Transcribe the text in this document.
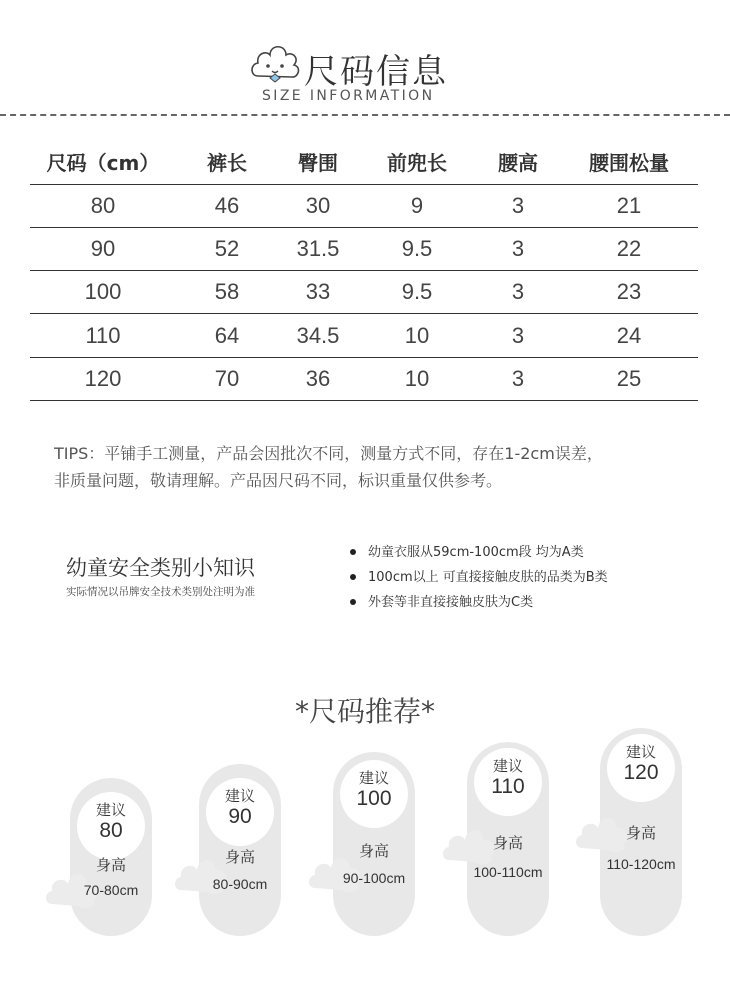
尺码信息
SIZE INFORMATION
尺码（cm）	裤长	臀围	前兜长	腰高	腰围松量
80	46	30	9	3	21
90	52	31.5	9.5	3	22
100	58	33	9.5	3	23
110	64	34.5	10	3	24
120	70	36	10	3	25
TIPS：平铺手工测量，产品会因批次不同，测量方式不同，存在1-2cm误差，
非质量问题，敬请理解。产品因尺码不同，标识重量仅供参考。
幼童安全类别小知识
实际情况以吊牌安全技术类别处注明为准
幼童衣服从59cm-100cm段 均为A类
100cm以上 可直接接触皮肤的品类为B类
外套等非直接接触皮肤为C类
*尺码推荐*
建议
80
身高
70-80cm
建议
90
身高
80-90cm
建议
100
身高
90-100cm
建议
110
身高
100-110cm
建议
120
身高
110-120cm
